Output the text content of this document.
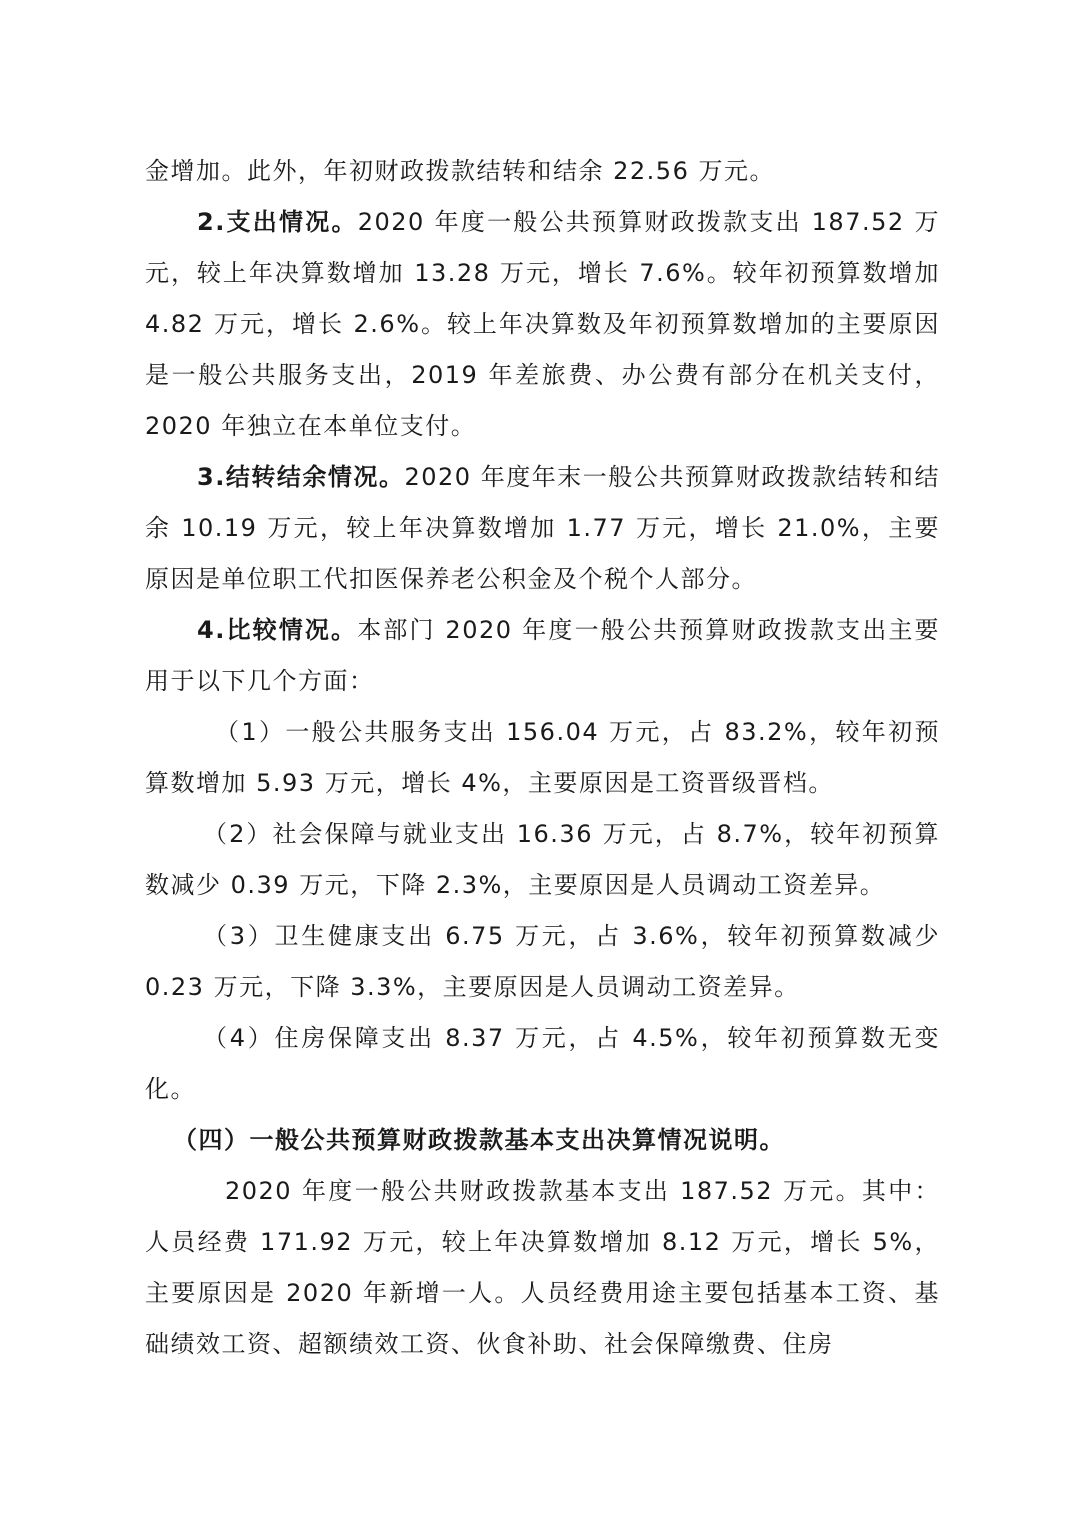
金增加。此外，年初财政拨款结转和结余 22.56 万元。

2.支出情况。2020 年度一般公共预算财政拨款支出 187.52 万元，较上年决算数增加 13.28 万元，增长 7.6%。较年初预算数增加 4.82 万元，增长 2.6%。较上年决算数及年初预算数增加的主要原因是一般公共服务支出，2019 年差旅费、办公费有部分在机关支付，2020 年独立在本单位支付。

3.结转结余情况。2020 年度年末一般公共预算财政拨款结转和结余 10.19 万元，较上年决算数增加 1.77 万元，增长 21.0%，主要原因是单位职工代扣医保养老公积金及个税个人部分。

4.比较情况。本部门 2020 年度一般公共预算财政拨款支出主要用于以下几个方面：

（1）一般公共服务支出 156.04 万元，占 83.2%，较年初预算数增加 5.93 万元，增长 4%，主要原因是工资晋级晋档。

（2）社会保障与就业支出 16.36 万元，占 8.7%，较年初预算数减少 0.39 万元，下降 2.3%，主要原因是人员调动工资差异。

（3）卫生健康支出 6.75 万元，占 3.6%，较年初预算数减少 0.23 万元，下降 3.3%，主要原因是人员调动工资差异。

（4）住房保障支出 8.37 万元，占 4.5%，较年初预算数无变化。

（四）一般公共预算财政拨款基本支出决算情况说明。

2020 年度一般公共财政拨款基本支出 187.52 万元。其中：人员经费 171.92 万元，较上年决算数增加 8.12 万元，增长 5%，主要原因是 2020 年新增一人。人员经费用途主要包括基本工资、基础绩效工资、超额绩效工资、伙食补助、社会保障缴费、住房
